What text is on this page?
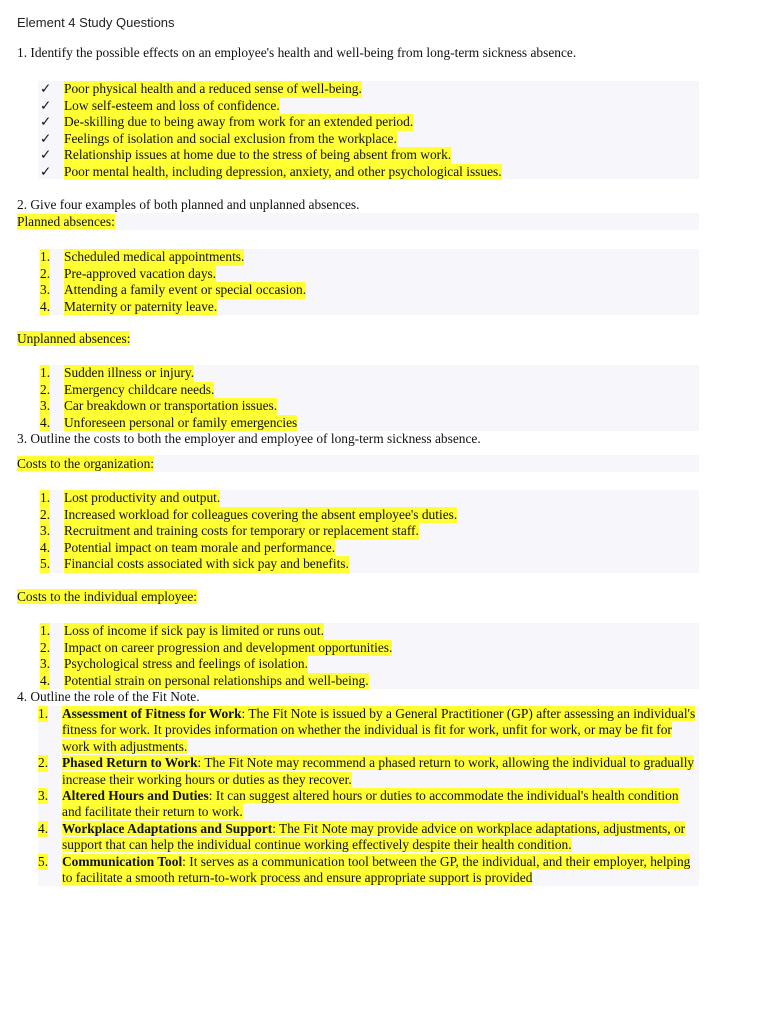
Element 4 Study Questions
1. Identify the possible effects on an employee's health and well-being from long-term sickness absence.
✓ Poor physical health and a reduced sense of well-being.
✓ Low self-esteem and loss of confidence.
✓ De-skilling due to being away from work for an extended period.
✓ Feelings of isolation and social exclusion from the workplace.
✓ Relationship issues at home due to the stress of being absent from work.
✓ Poor mental health, including depression, anxiety, and other psychological issues.
2. Give four examples of both planned and unplanned absences.
Planned absences:
1. Scheduled medical appointments.
2. Pre-approved vacation days.
3. Attending a family event or special occasion.
4. Maternity or paternity leave.
Unplanned absences:
1. Sudden illness or injury.
2. Emergency childcare needs.
3. Car breakdown or transportation issues.
4. Unforeseen personal or family emergencies
3. Outline the costs to both the employer and employee of long-term sickness absence.
Costs to the organization:
1. Lost productivity and output.
2. Increased workload for colleagues covering the absent employee's duties.
3. Recruitment and training costs for temporary or replacement staff.
4. Potential impact on team morale and performance.
5. Financial costs associated with sick pay and benefits.
Costs to the individual employee:
1. Loss of income if sick pay is limited or runs out.
2. Impact on career progression and development opportunities.
3. Psychological stress and feelings of isolation.
4. Potential strain on personal relationships and well-being.
4. Outline the role of the Fit Note.
1. Assessment of Fitness for Work: The Fit Note is issued by a General Practitioner (GP) after assessing an individual's fitness for work. It provides information on whether the individual is fit for work, unfit for work, or may be fit for work with adjustments.
2. Phased Return to Work: The Fit Note may recommend a phased return to work, allowing the individual to gradually increase their working hours or duties as they recover.
3. Altered Hours and Duties: It can suggest altered hours or duties to accommodate the individual's health condition and facilitate their return to work.
4. Workplace Adaptations and Support: The Fit Note may provide advice on workplace adaptations, adjustments, or support that can help the individual continue working effectively despite their health condition.
5. Communication Tool: It serves as a communication tool between the GP, the individual, and their employer, helping to facilitate a smooth return-to-work process and ensure appropriate support is provided
